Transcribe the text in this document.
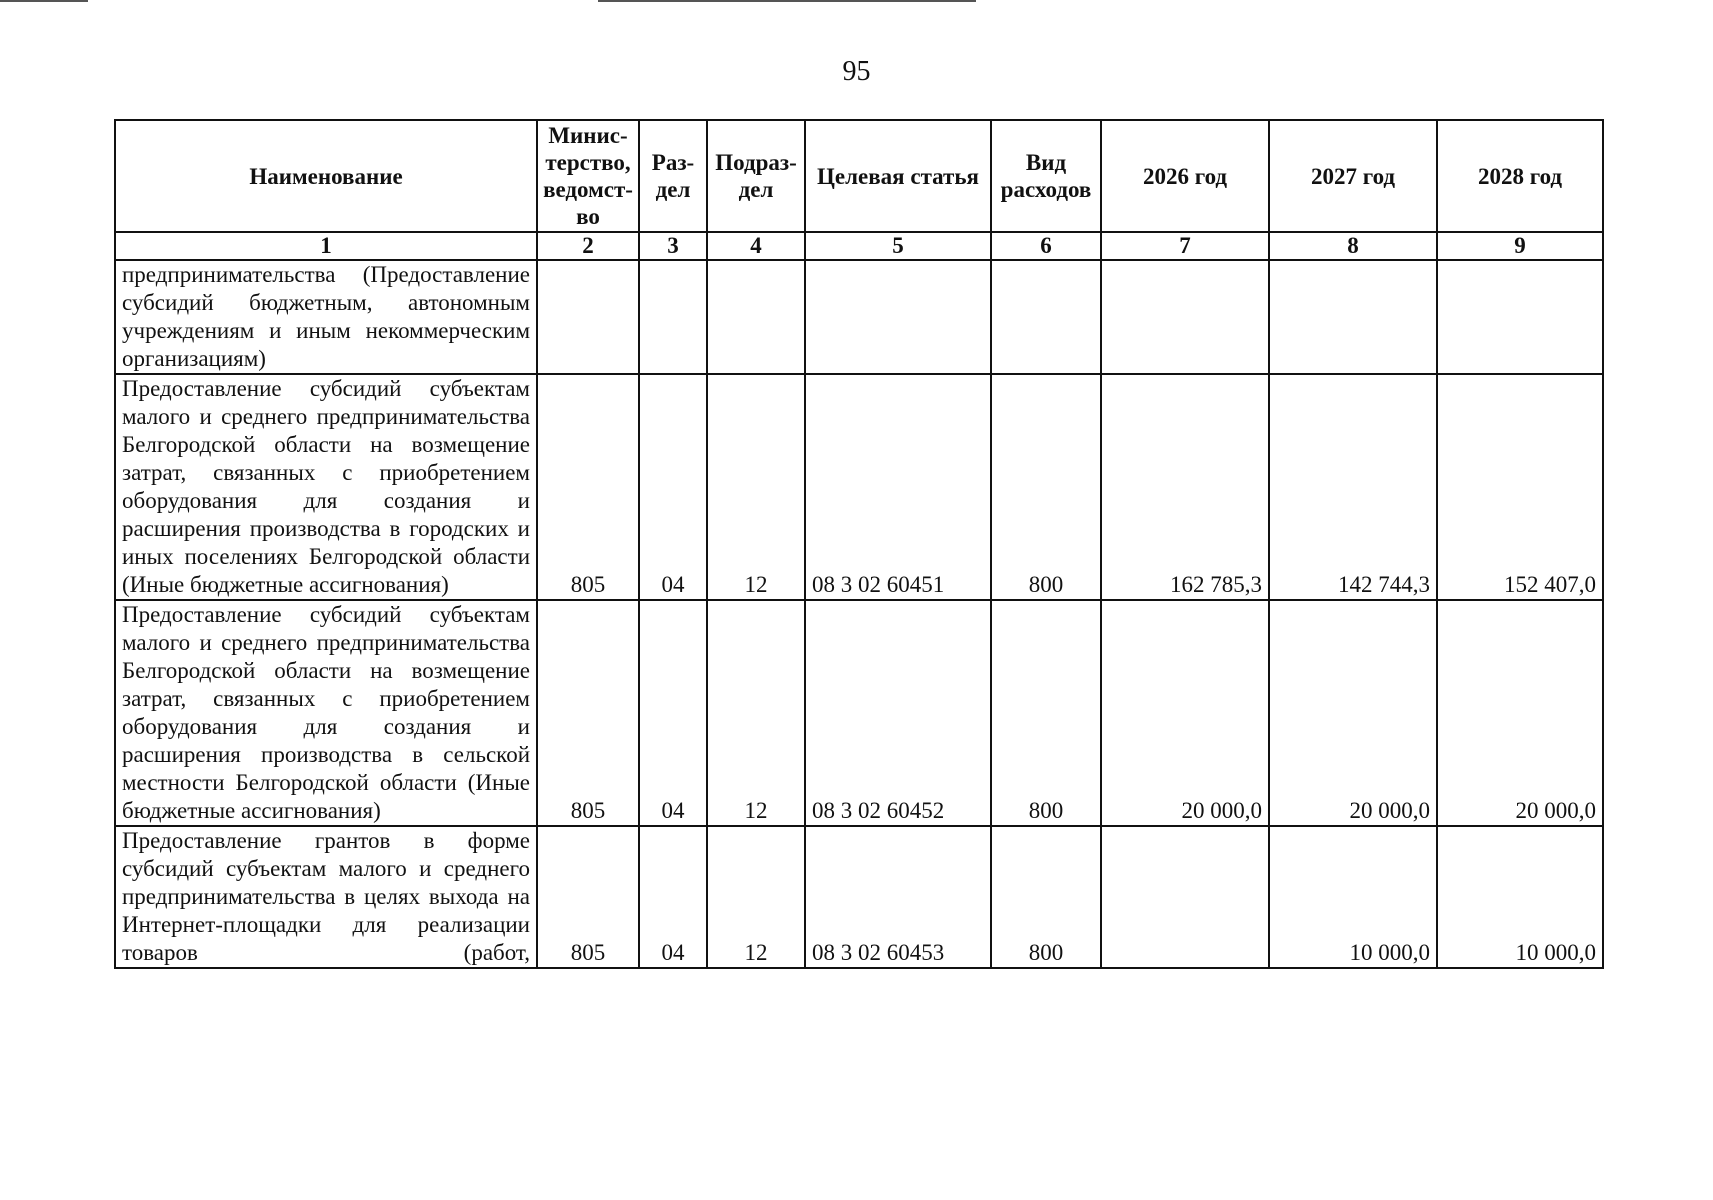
95
Наименование	Минис-терство, ведомст-во	Раз-дел	Подраз-дел	Целевая статья	Вид расходов	2026 год	2027 год	2028 год
1	2	3	4	5	6	7	8	9
предпринимательства (Предоставление субсидий бюджетным, автономным учреждениям и иным некоммерческим организациям)								
Предоставление субсидий субъектам малого и среднего предпринимательства Белгородской области на возмещение затрат, связанных с приобретением оборудования для создания и расширения производства в городских и иных поселениях Белгородской области (Иные бюджетные ассигнования)	805	04	12	08 3 02 60451	800	162 785,3	142 744,3	152 407,0
Предоставление субсидий субъектам малого и среднего предпринимательства Белгородской области на возмещение затрат, связанных с приобретением оборудования для создания и расширения производства в сельской местности Белгородской области (Иные бюджетные ассигнования)	805	04	12	08 3 02 60452	800	20 000,0	20 000,0	20 000,0
Предоставление грантов в форме субсидий субъектам малого и среднего предпринимательства в целях выхода на Интернет-площадки для реализации товаров (работ,	805	04	12	08 3 02 60453	800		10 000,0	10 000,0
